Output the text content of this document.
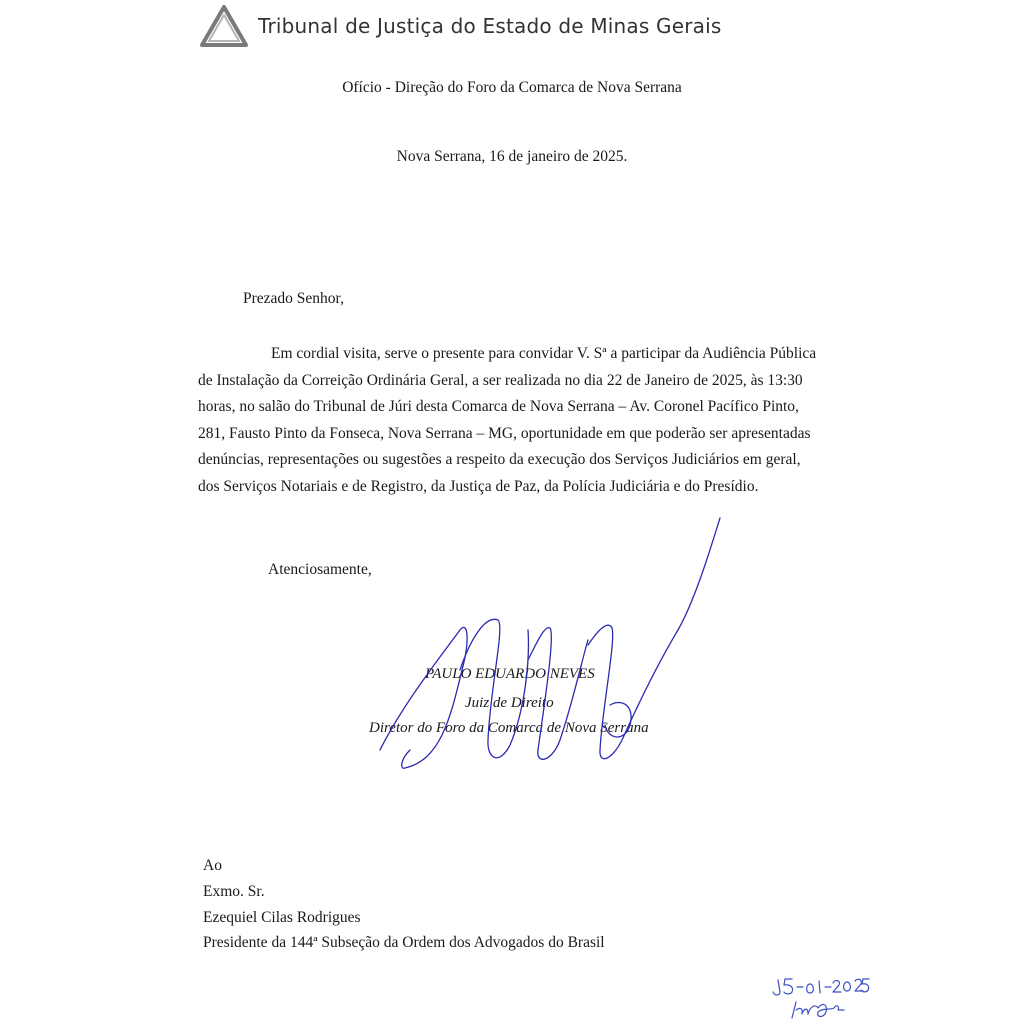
Tribunal de Justiça do Estado de Minas Gerais
Ofício - Direção do Foro da Comarca de Nova Serrana
Nova Serrana, 16 de janeiro de 2025.
Prezado Senhor,
Em cordial visita, serve o presente para convidar V. Sª a participar da Audiência Pública
de Instalação da Correição Ordinária Geral, a ser realizada no dia 22 de Janeiro de 2025, às 13:30
horas, no salão do Tribunal de Júri desta Comarca de Nova Serrana – Av. Coronel Pacífico Pinto,
281, Fausto Pinto da Fonseca, Nova Serrana – MG, oportunidade em que poderão ser apresentadas
denúncias, representações ou sugestões a respeito da execução dos Serviços Judiciários em geral,
dos Serviços Notariais e de Registro, da Justiça de Paz, da Polícia Judiciária e do Presídio.
Atenciosamente,
PAULO EDUARDO NEVES
Juiz de Direito
Diretor do Foro da Comarca de Nova Serrana
Ao
Exmo. Sr.
Ezequiel Cilas Rodrigues
Presidente da 144ª Subseção da Ordem dos Advogados do Brasil
